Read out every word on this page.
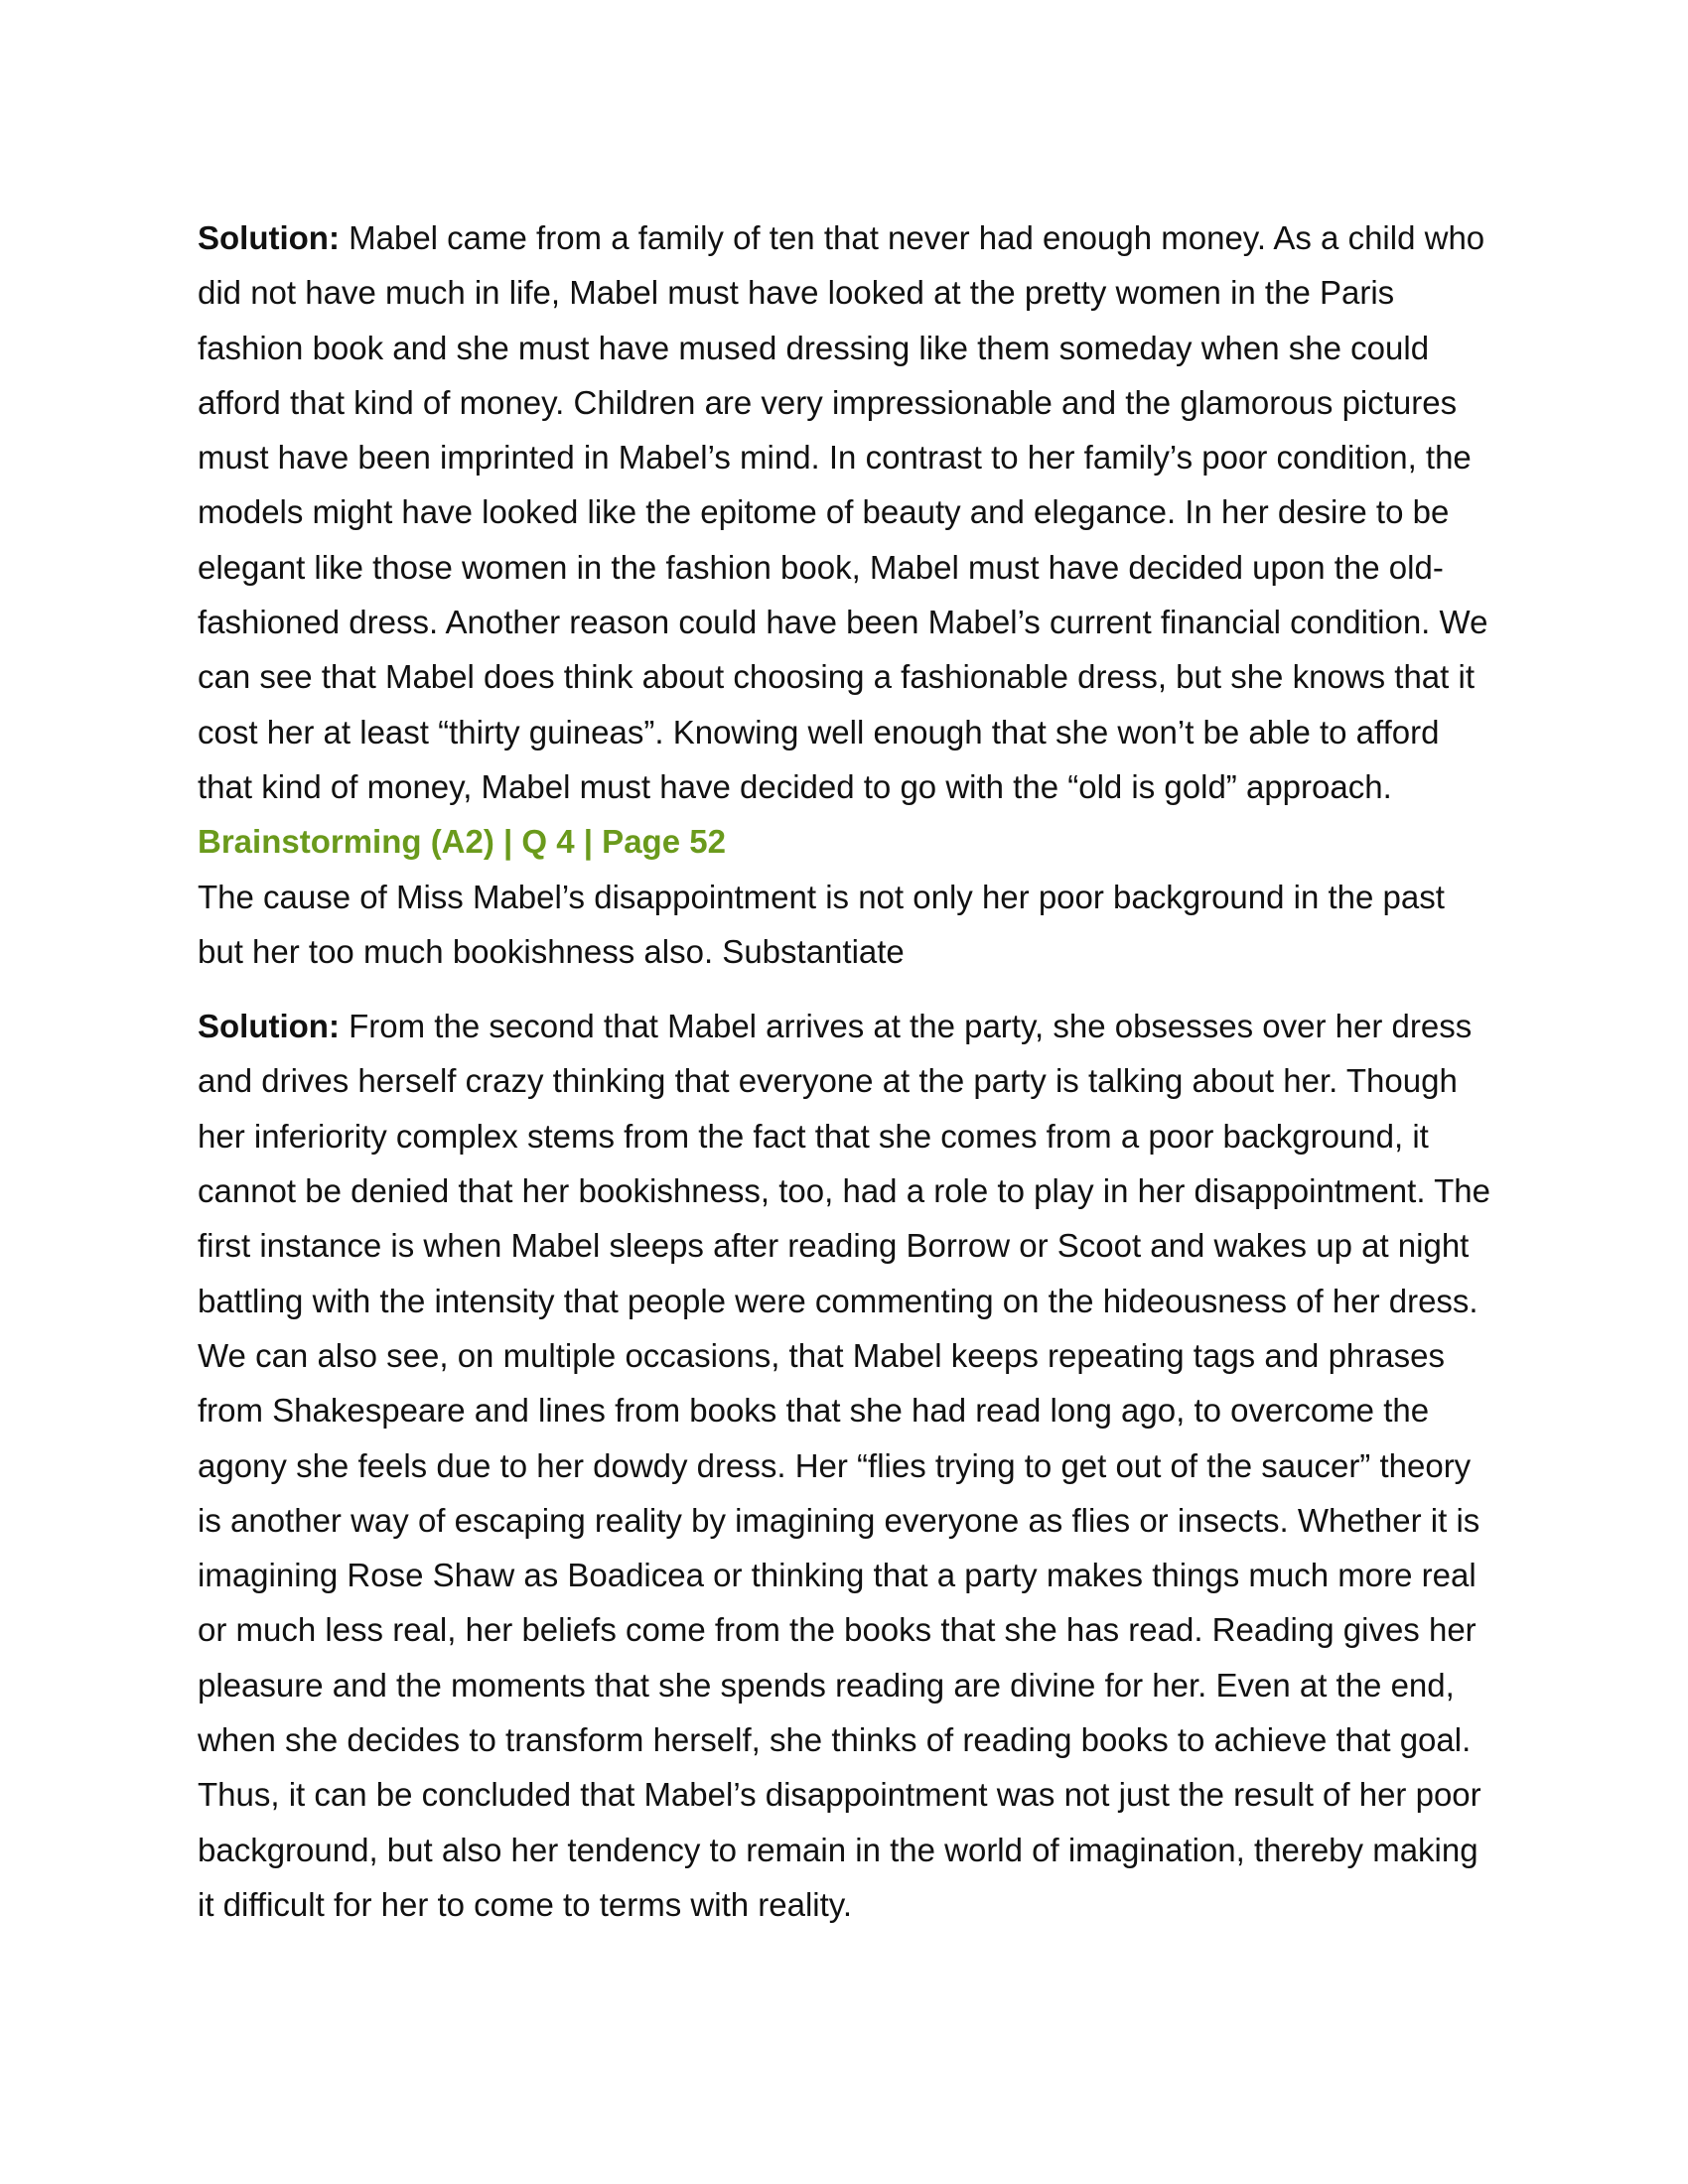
Solution: Mabel came from a family of ten that never had enough money. As a child who did not have much in life, Mabel must have looked at the pretty women in the Paris fashion book and she must have mused dressing like them someday when she could afford that kind of money. Children are very impressionable and the glamorous pictures must have been imprinted in Mabel’s mind. In contrast to her family’s poor condition, the models might have looked like the epitome of beauty and elegance. In her desire to be elegant like those women in the fashion book, Mabel must have decided upon the old-fashioned dress. Another reason could have been Mabel’s current financial condition. We can see that Mabel does think about choosing a fashionable dress, but she knows that it cost her at least “thirty guineas”. Knowing well enough that she won’t be able to afford that kind of money, Mabel must have decided to go with the “old is gold” approach.

Brainstorming (A2) | Q 4 | Page 52

The cause of Miss Mabel’s disappointment is not only her poor background in the past but her too much bookishness also. Substantiate

Solution: From the second that Mabel arrives at the party, she obsesses over her dress and drives herself crazy thinking that everyone at the party is talking about her. Though her inferiority complex stems from the fact that she comes from a poor background, it cannot be denied that her bookishness, too, had a role to play in her disappointment. The first instance is when Mabel sleeps after reading Borrow or Scoot and wakes up at night battling with the intensity that people were commenting on the hideousness of her dress. We can also see, on multiple occasions, that Mabel keeps repeating tags and phrases from Shakespeare and lines from books that she had read long ago, to overcome the agony she feels due to her dowdy dress. Her “flies trying to get out of the saucer” theory is another way of escaping reality by imagining everyone as flies or insects. Whether it is imagining Rose Shaw as Boadicea or thinking that a party makes things much more real or much less real, her beliefs come from the books that she has read. Reading gives her pleasure and the moments that she spends reading are divine for her. Even at the end, when she decides to transform herself, she thinks of reading books to achieve that goal. Thus, it can be concluded that Mabel’s disappointment was not just the result of her poor background, but also her tendency to remain in the world of imagination, thereby making it difficult for her to come to terms with reality.
